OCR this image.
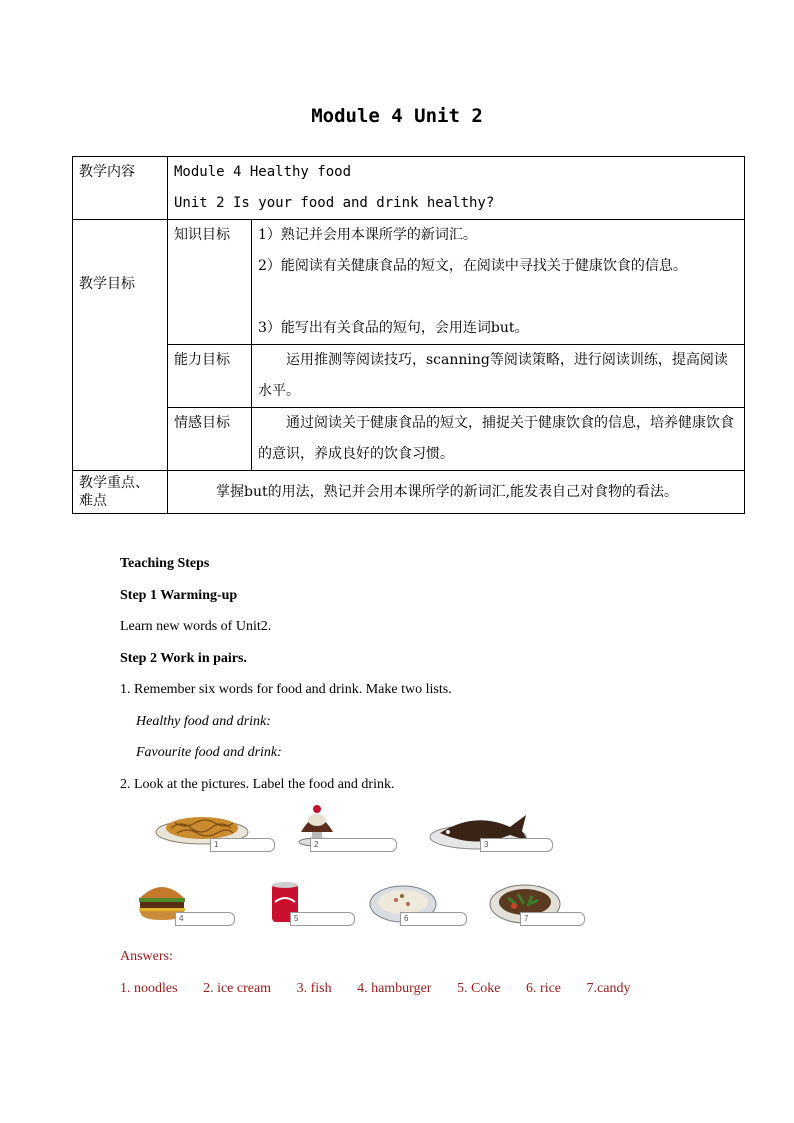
Module 4 Unit 2
教学内容	Module 4 Healthy food
Unit 2 Is your food and drink healthy?	

教学目标	知识目标	1）熟记并会用本课所学的新词汇。
2）能阅读有关健康食品的短文，在阅读中寻找关于健康饮食的信息。
3）能写出有关食品的短句，会用连词but。

	能力目标	运用推测等阅读技巧，scanning等阅读策略，进行阅读训练，提高阅读水平。
	情感目标	通过阅读关于健康食品的短文，捕捉关于健康饮食的信息，培养健康饮食的意识，养成良好的饮食习惯。
教学重点、难点	掌握but的用法，熟记并会用本课所学的新词汇,能发表自己对食物的看法。	
Teaching Steps
Step 1 Warming-up
Learn new words of Unit2.
Step 2 Work in pairs.
1. Remember six words for food and drink. Make two lists.
Healthy food and drink:
Favourite food and drink:
2. Look at the pictures. Label the food and drink.
1	2	3
4	5	6	7
Answers:
1. noodles 2. ice cream 3. fish 4. hamburger 5. Coke 6. rice 7.candy
